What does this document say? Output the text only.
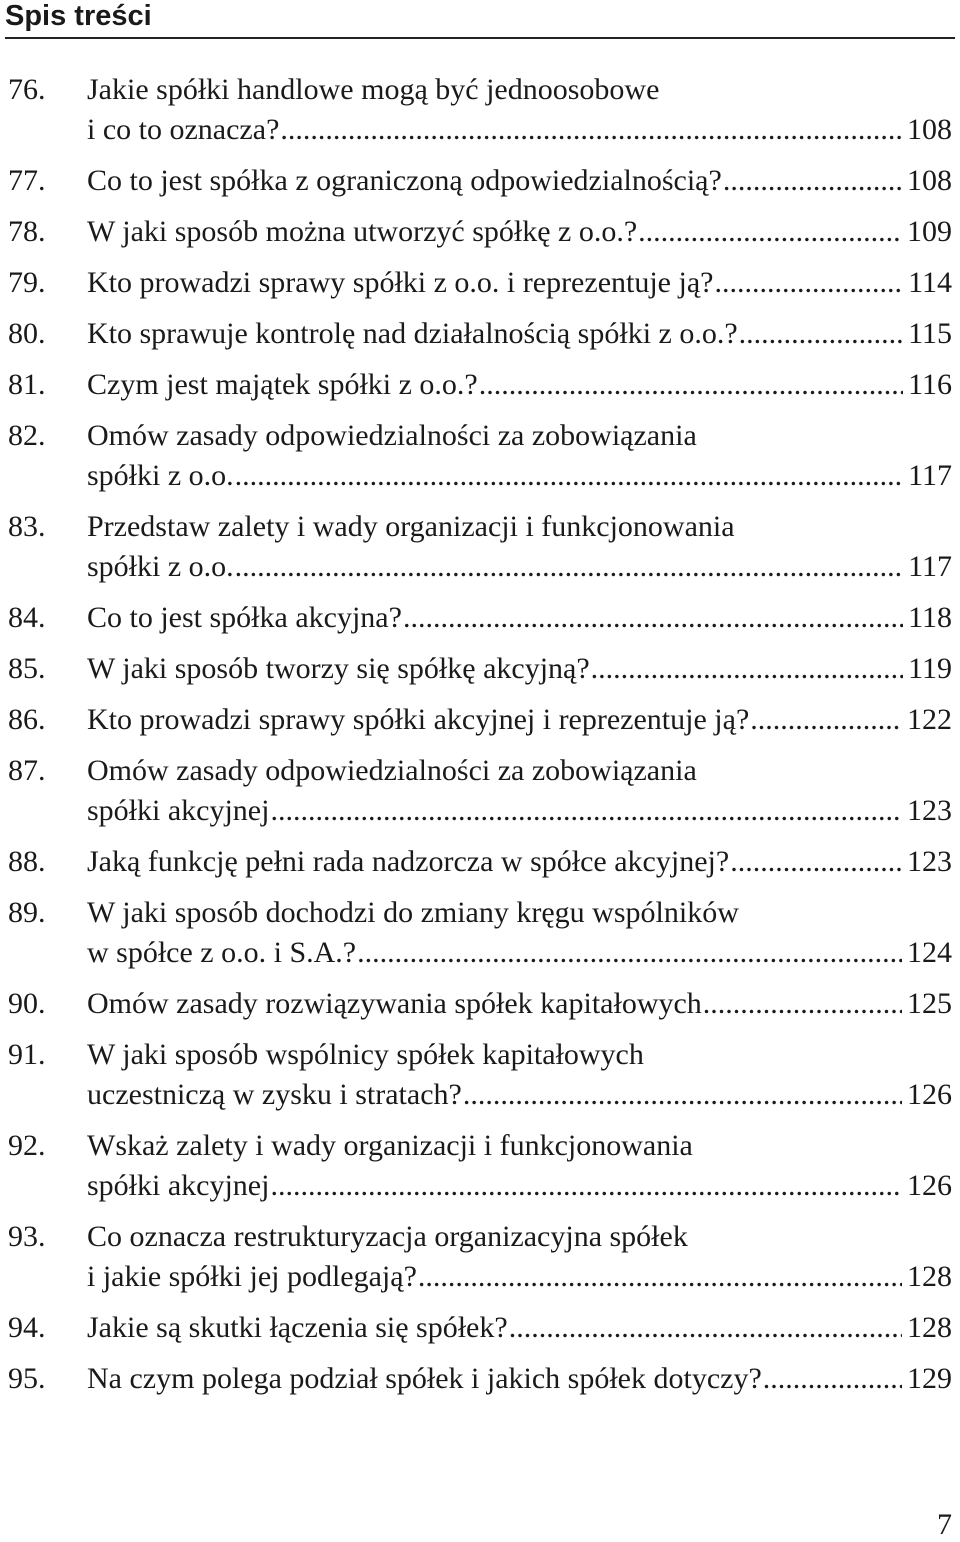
Spis treści
76.	Jakie spółki handlowe mogą być jednoosobowe
i co to oznacza? .....	108
77.	Co to jest spółka z ograniczoną odpowiedzialnością? .....	108
78.	W jaki sposób można utworzyć spółkę z o.o.? .....	109
79.	Kto prowadzi sprawy spółki z o.o. i reprezentuje ją? .....	114
80.	Kto sprawuje kontrolę nad działalnością spółki z o.o.? .....	115
81.	Czym jest majątek spółki z o.o.? .....	116
82.	Omów zasady odpowiedzialności za zobowiązania
spółki z o.o. .....	117
83.	Przedstaw zalety i wady organizacji i funkcjonowania
spółki z o.o. .....	117
84.	Co to jest spółka akcyjna? .....	118
85.	W jaki sposób tworzy się spółkę akcyjną? .....	119
86.	Kto prowadzi sprawy spółki akcyjnej i reprezentuje ją? .....	122
87.	Omów zasady odpowiedzialności za zobowiązania
spółki akcyjnej .....	123
88.	Jaką funkcję pełni rada nadzorcza w spółce akcyjnej? .....	123
89.	W jaki sposób dochodzi do zmiany kręgu wspólników
w spółce z o.o. i S.A.? .....	124
90.	Omów zasady rozwiązywania spółek kapitałowych .....	125
91.	W jaki sposób wspólnicy spółek kapitałowych
uczestniczą w zysku i stratach? .....	126
92.	Wskaż zalety i wady organizacji i funkcjonowania
spółki akcyjnej .....	126
93.	Co oznacza restrukturyzacja organizacyjna spółek
i jakie spółki jej podlegają? .....	128
94.	Jakie są skutki łączenia się spółek? .....	128
95.	Na czym polega podział spółek i jakich spółek dotyczy? .....	129
7
